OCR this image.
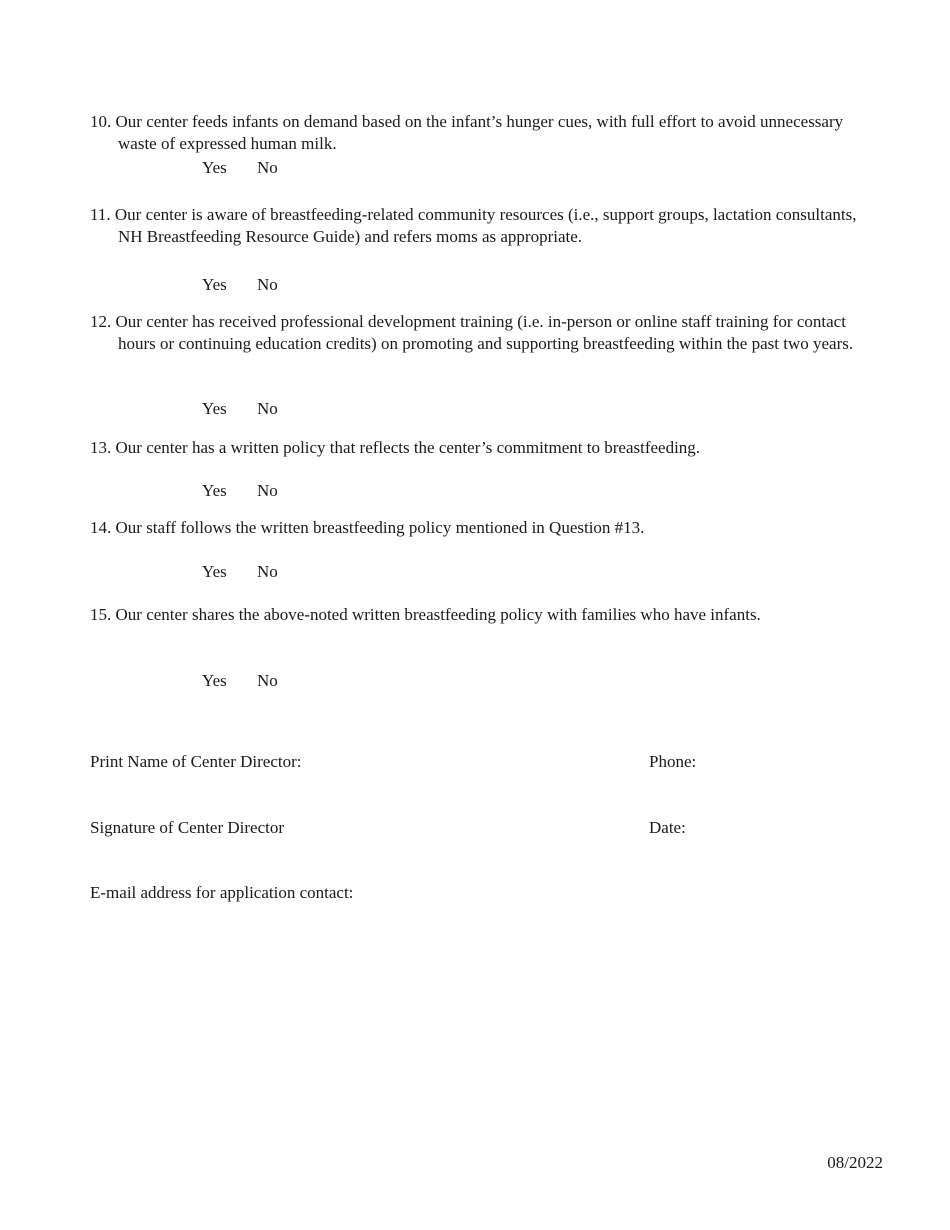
10. Our center feeds infants on demand based on the infant’s hunger cues, with full effort to avoid unnecessary waste of expressed human milk.
Yes No
11. Our center is aware of breastfeeding-related community resources (i.e., support groups, lactation consultants, NH Breastfeeding Resource Guide) and refers moms as appropriate.
Yes No
12. Our center has received professional development training (i.e. in-person or online staff training for contact hours or continuing education credits) on promoting and supporting breastfeeding within the past two years.
Yes No
13. Our center has a written policy that reflects the center’s commitment to breastfeeding.
Yes No
14. Our staff follows the written breastfeeding policy mentioned in Question #13.
Yes No
15. Our center shares the above-noted written breastfeeding policy with families who have infants.
Yes No
Print Name of Center Director:	Phone:
Signature of Center Director	Date:
E-mail address for application contact:
08/2022
